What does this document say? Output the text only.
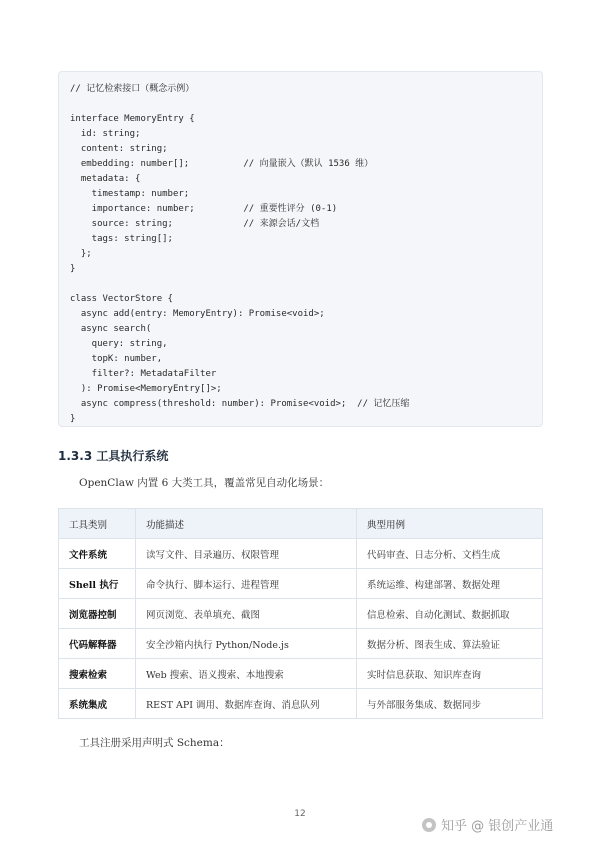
// 记忆检索接口（概念示例）
interface MemoryEntry {
id: string;
content: string;
embedding: number[];          // 向量嵌入（默认 1536 维）
metadata: {
timestamp: number;
importance: number;         // 重要性评分 (0-1)
source: string;             // 来源会话/文档
tags: string[];
};
}
class VectorStore {
async add(entry: MemoryEntry): Promise<void>;
async search(
query: string,
topK: number,
filter?: MetadataFilter
): Promise<MemoryEntry[]>;
async compress(threshold: number): Promise<void>;  // 记忆压缩
}
1.3.3 工具执行系统
OpenClaw 内置 6 大类工具，覆盖常见自动化场景：
工具类别	功能描述	典型用例
文件系统	读写文件、目录遍历、权限管理	代码审查、日志分析、文档生成
Shell 执行	命令执行、脚本运行、进程管理	系统运维、构建部署、数据处理
浏览器控制	网页浏览、表单填充、截图	信息检索、自动化测试、数据抓取
代码解释器	安全沙箱内执行 Python/Node.js	数据分析、图表生成、算法验证
搜索检索	Web 搜索、语义搜索、本地搜索	实时信息获取、知识库查询
系统集成	REST API 调用、数据库查询、消息队列	与外部服务集成、数据同步
工具注册采用声明式 Schema：
12
知乎 @ 银创产业通
